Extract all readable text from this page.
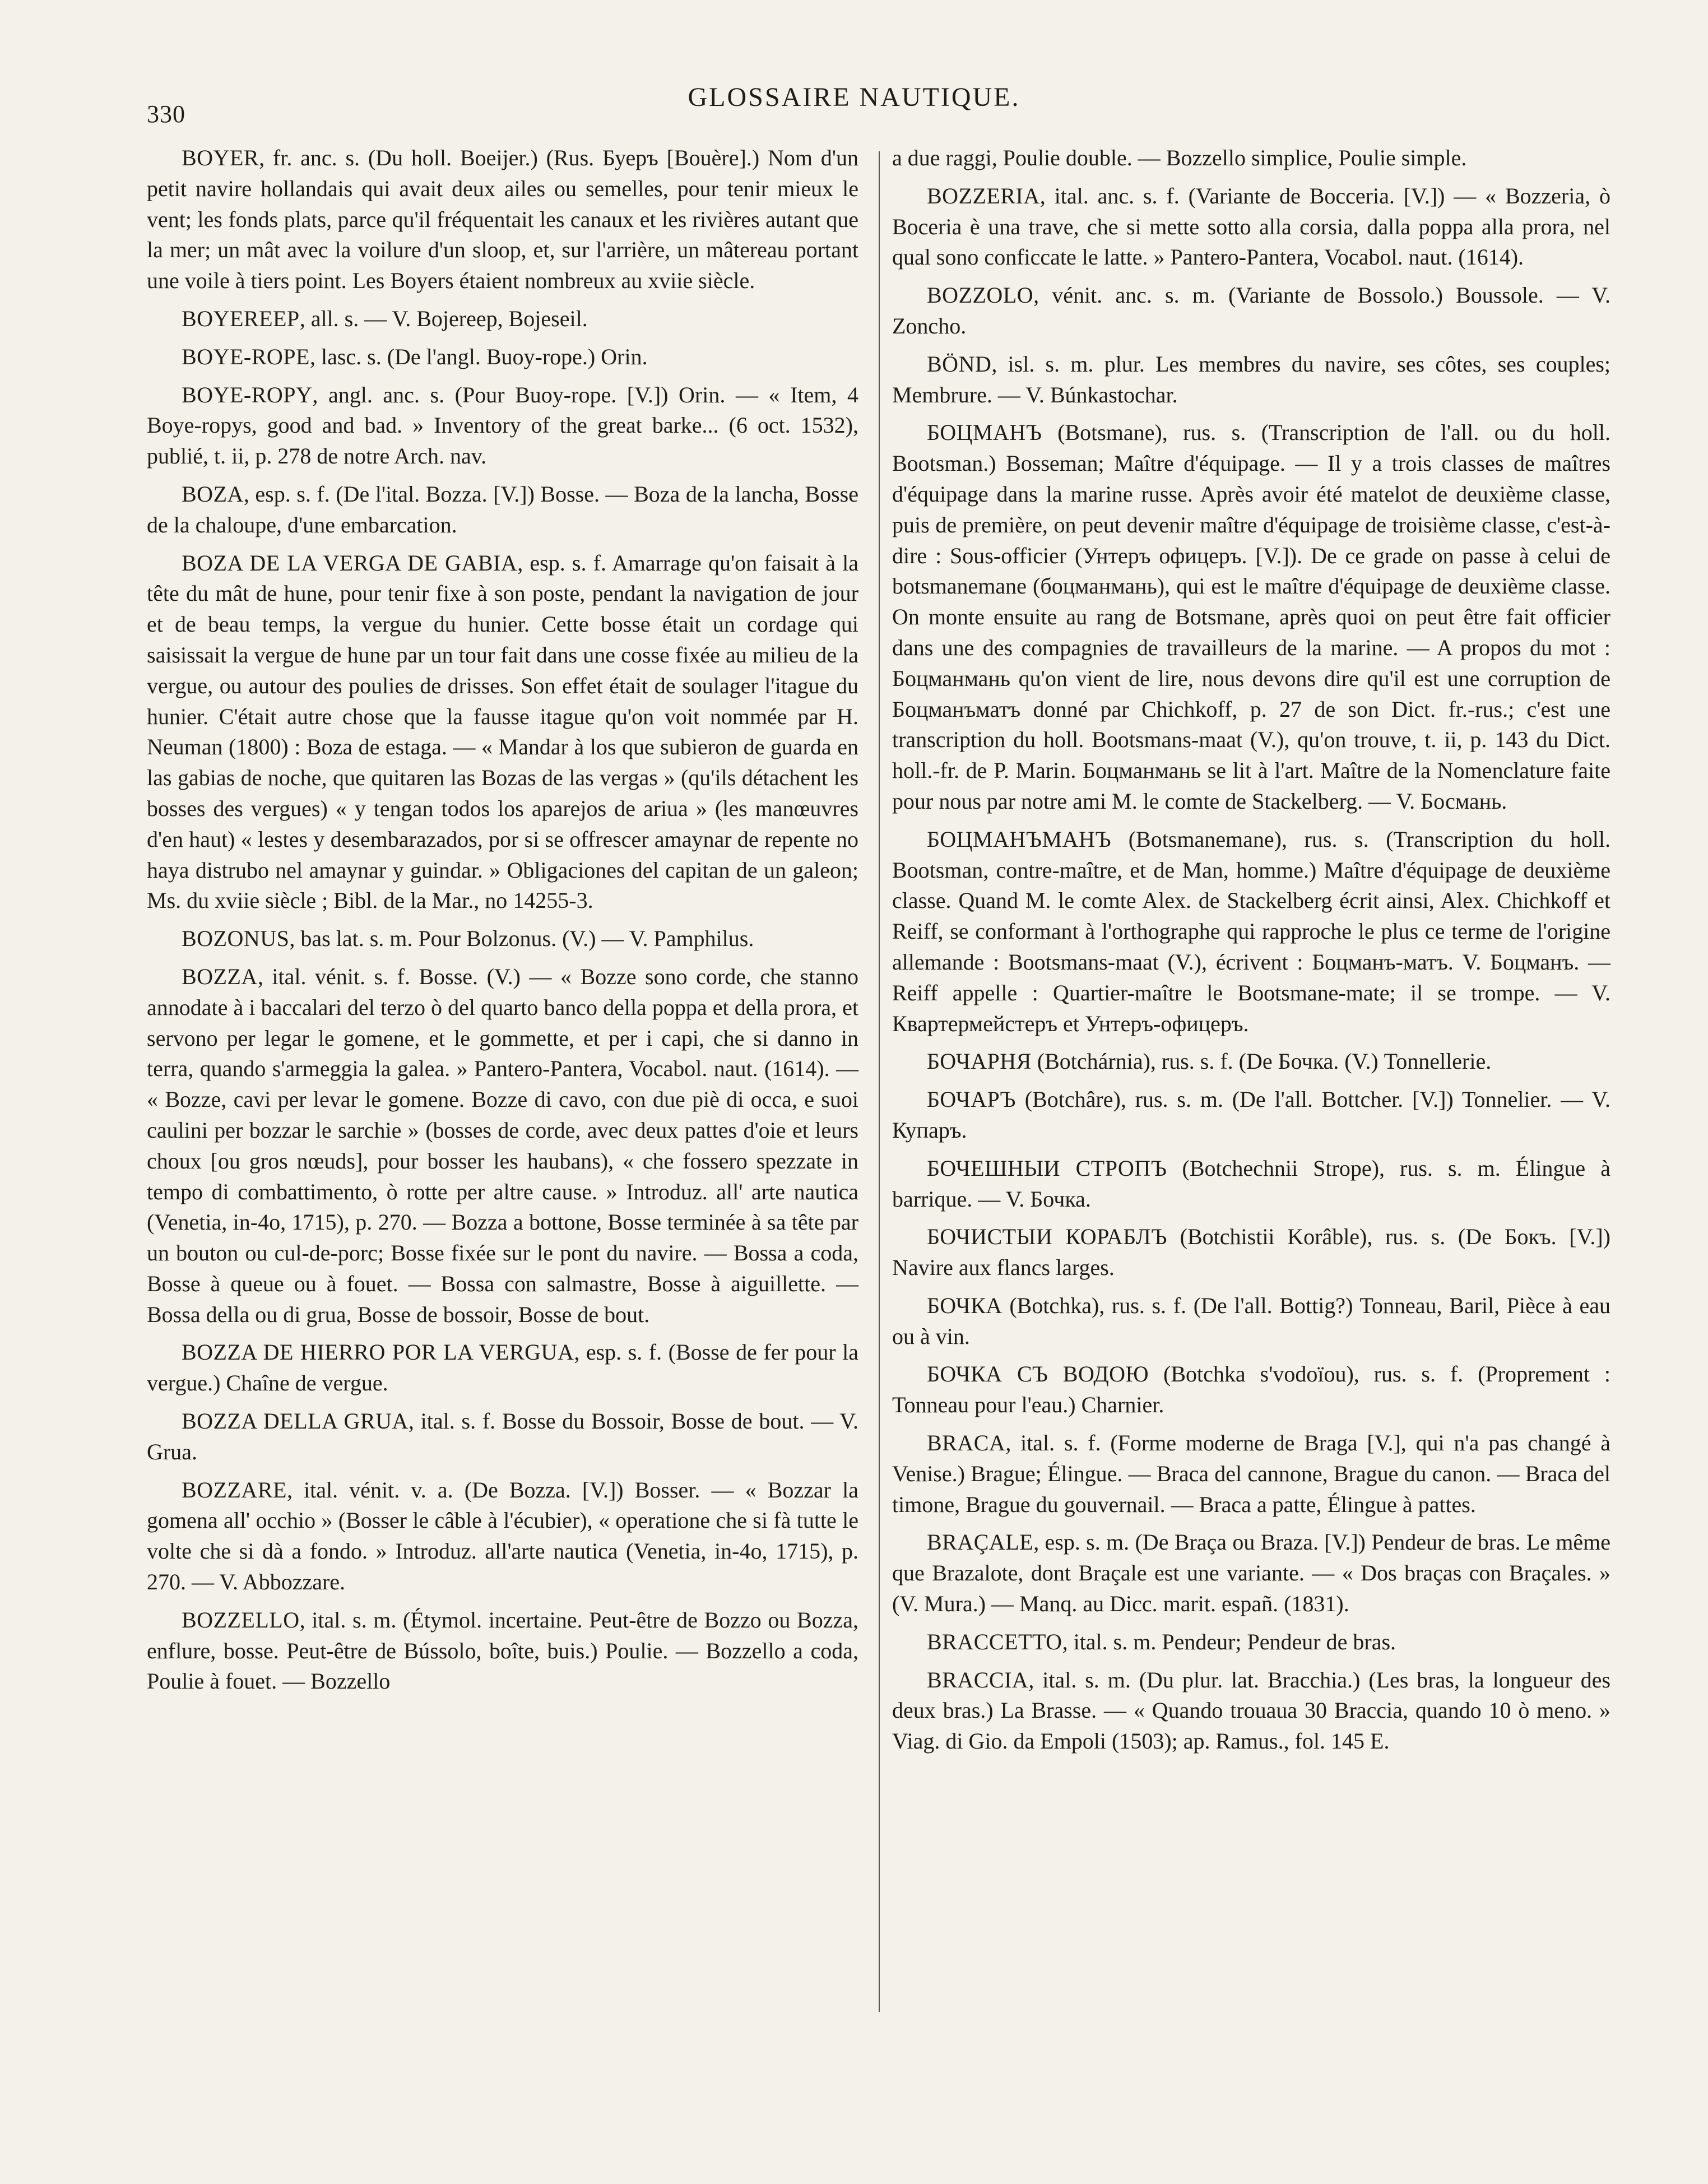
330
GLOSSAIRE NAUTIQUE.

BOYER, fr. anc. s. (Du holl. Boeijer.) (Rus. Буеръ [Bouère].) Nom d'un petit navire hollandais qui avait deux ailes ou semelles, pour tenir mieux le vent; les fonds plats, parce qu'il fréquentait les canaux et les rivières autant que la mer; un mât avec la voilure d'un sloop, et, sur l'arrière, un mâtereau portant une voile à tiers point. Les Boyers étaient nombreux au xviie siècle.

BOYEREEP, all. s. — V. Bojereep, Bojeseil.

BOYE-ROPE, lasc. s. (De l'angl. Buoy-rope.) Orin.

BOYE-ROPY, angl. anc. s. (Pour Buoy-rope. [V.]) Orin. — « Item, 4 Boye-ropys, good and bad. » Inventory of the great barke... (6 oct. 1532), publié, t. ii, p. 278 de notre Arch. nav.

BOZA, esp. s. f. (De l'ital. Bozza. [V.]) Bosse. — Boza de la lancha, Bosse de la chaloupe, d'une embarcation.

BOZA DE LA VERGA DE GABIA, esp. s. f. Amarrage qu'on faisait à la tête du mât de hune, pour tenir fixe à son poste, pendant la navigation de jour et de beau temps, la vergue du hunier. Cette bosse était un cordage qui saisissait la vergue de hune par un tour fait dans une cosse fixée au milieu de la vergue, ou autour des poulies de drisses. Son effet était de soulager l'itague du hunier. C'était autre chose que la fausse itague qu'on voit nommée par H. Neuman (1800) : Boza de estaga. — « Mandar à los que subieron de guarda en las gabias de noche, que quitaren las Bozas de las vergas » (qu'ils détachent les bosses des vergues) « y tengan todos los aparejos de ariua » (les manœuvres d'en haut) « lestes y desembarazados, por si se offrescer amaynar de repente no haya distrubo nel amaynar y guindar. » Obligaciones del capitan de un galeon; Ms. du xviie siècle ; Bibl. de la Mar., no 14255-3.

BOZONUS, bas lat. s. m. Pour Bolzonus. (V.) — V. Pamphilus.

BOZZA, ital. vénit. s. f. Bosse. (V.) — « Bozze sono corde, che stanno annodate à i baccalari del terzo ò del quarto banco della poppa et della prora, et servono per legar le gomene, et le gommette, et per i capi, che si danno in terra, quando s'armeggia la galea. » Pantero-Pantera, Vocabol. naut. (1614). — « Bozze, cavi per levar le gomene. Bozze di cavo, con due piè di occa, e suoi caulini per bozzar le sarchie » (bosses de corde, avec deux pattes d'oie et leurs choux [ou gros nœuds], pour bosser les haubans), « che fossero spezzate in tempo di combattimento, ò rotte per altre cause. » Introduz. all' arte nautica (Venetia, in-4o, 1715), p. 270. — Bozza a bottone, Bosse terminée à sa tête par un bouton ou cul-de-porc; Bosse fixée sur le pont du navire. — Bossa a coda, Bosse à queue ou à fouet. — Bossa con salmastre, Bosse à aiguillette. — Bossa della ou di grua, Bosse de bossoir, Bosse de bout.

BOZZA DE HIERRO POR LA VERGUA, esp. s. f. (Bosse de fer pour la vergue.) Chaîne de vergue.

BOZZA DELLA GRUA, ital. s. f. Bosse du Bossoir, Bosse de bout. — V. Grua.

BOZZARE, ital. vénit. v. a. (De Bozza. [V.]) Bosser. — « Bozzar la gomena all' occhio » (Bosser le câble à l'écubier), « operatione che si fà tutte le volte che si dà a fondo. » Introduz. all'arte nautica (Venetia, in-4o, 1715), p. 270. — V. Abbozzare.

BOZZELLO, ital. s. m. (Étymol. incertaine. Peut-être de Bozzo ou Bozza, enflure, bosse. Peut-être de Bússolo, boîte, buis.) Poulie. — Bozzello a coda, Poulie à fouet. — Bozzello

a due raggi, Poulie double. — Bozzello simplice, Poulie simple.

BOZZERIA, ital. anc. s. f. (Variante de Bocceria. [V.]) — « Bozzeria, ò Boceria è una trave, che si mette sotto alla corsia, dalla poppa alla prora, nel qual sono conficcate le latte. » Pantero-Pantera, Vocabol. naut. (1614).

BOZZOLO, vénit. anc. s. m. (Variante de Bossolo.) Boussole. — V. Zoncho.

BÖND, isl. s. m. plur. Les membres du navire, ses côtes, ses couples; Membrure. — V. Búnkastochar.

БОЦМАНЪ (Botsmane), rus. s. (Transcription de l'all. ou du holl. Bootsman.) Bosseman; Maître d'équipage. — Il y a trois classes de maîtres d'équipage dans la marine russe. Après avoir été matelot de deuxième classe, puis de première, on peut devenir maître d'équipage de troisième classe, c'est-à-dire : Sous-officier (Унтеръ офицеръ. [V.]). De ce grade on passe à celui de botsmanemane (боцманмань), qui est le maître d'équipage de deuxième classe. On monte ensuite au rang de Botsmane, après quoi on peut être fait officier dans une des compagnies de travailleurs de la marine. — A propos du mot : Боцманмань qu'on vient de lire, nous devons dire qu'il est une corruption de Боцманъматъ donné par Chichkoff, p. 27 de son Dict. fr.-rus.; c'est une transcription du holl. Bootsmans-maat (V.), qu'on trouve, t. ii, p. 143 du Dict. holl.-fr. de P. Marin. Боцманмань se lit à l'art. Maître de la Nomenclature faite pour nous par notre ami M. le comte de Stackelberg. — V. Босмань.

БОЦМАНЪМАНЪ (Botsmanemane), rus. s. (Transcription du holl. Bootsman, contre-maître, et de Man, homme.) Maître d'équipage de deuxième classe. Quand M. le comte Alex. de Stackelberg écrit ainsi, Alex. Chichkoff et Reiff, se conformant à l'orthographe qui rapproche le plus ce terme de l'origine allemande : Bootsmans-maat (V.), écrivent : Боцманъ-матъ. V. Боцманъ. — Reiff appelle : Quartier-maître le Bootsmane-mate; il se trompe. — V. Квартермейстеръ et Унтеръ-офицеръ.

БОЧАРНЯ (Botchárnia), rus. s. f. (De Бочка. (V.) Tonnellerie.

БОЧАРЪ (Botchâre), rus. s. m. (De l'all. Bottcher. [V.]) Tonnelier. — V. Купаръ.

БОЧЕШНЫИ СТРОПЪ (Botchechnii Strope), rus. s. m. Élingue à barrique. — V. Бочка.

БОЧИСТЫИ КОРАБЛЪ (Botchistii Korâble), rus. s. (De Бокъ. [V.]) Navire aux flancs larges.

БОЧКА (Botchka), rus. s. f. (De l'all. Bottig?) Tonneau, Baril, Pièce à eau ou à vin.

БОЧКА СЪ ВОДОЮ (Botchka s'vodoïou), rus. s. f. (Proprement : Tonneau pour l'eau.) Charnier.

BRACA, ital. s. f. (Forme moderne de Braga [V.], qui n'a pas changé à Venise.) Brague; Élingue. — Braca del cannone, Brague du canon. — Braca del timone, Brague du gouvernail. — Braca a patte, Élingue à pattes.

BRAÇALE, esp. s. m. (De Braça ou Braza. [V.]) Pendeur de bras. Le même que Brazalote, dont Braçale est une variante. — « Dos braças con Braçales. » (V. Mura.) — Manq. au Dicc. marit. españ. (1831).

BRACCETTO, ital. s. m. Pendeur; Pendeur de bras.

BRACCIA, ital. s. m. (Du plur. lat. Bracchia.) (Les bras, la longueur des deux bras.) La Brasse. — « Quando trouaua 30 Braccia, quando 10 ò meno. » Viag. di Gio. da Empoli (1503); ap. Ramus., fol. 145 E.
